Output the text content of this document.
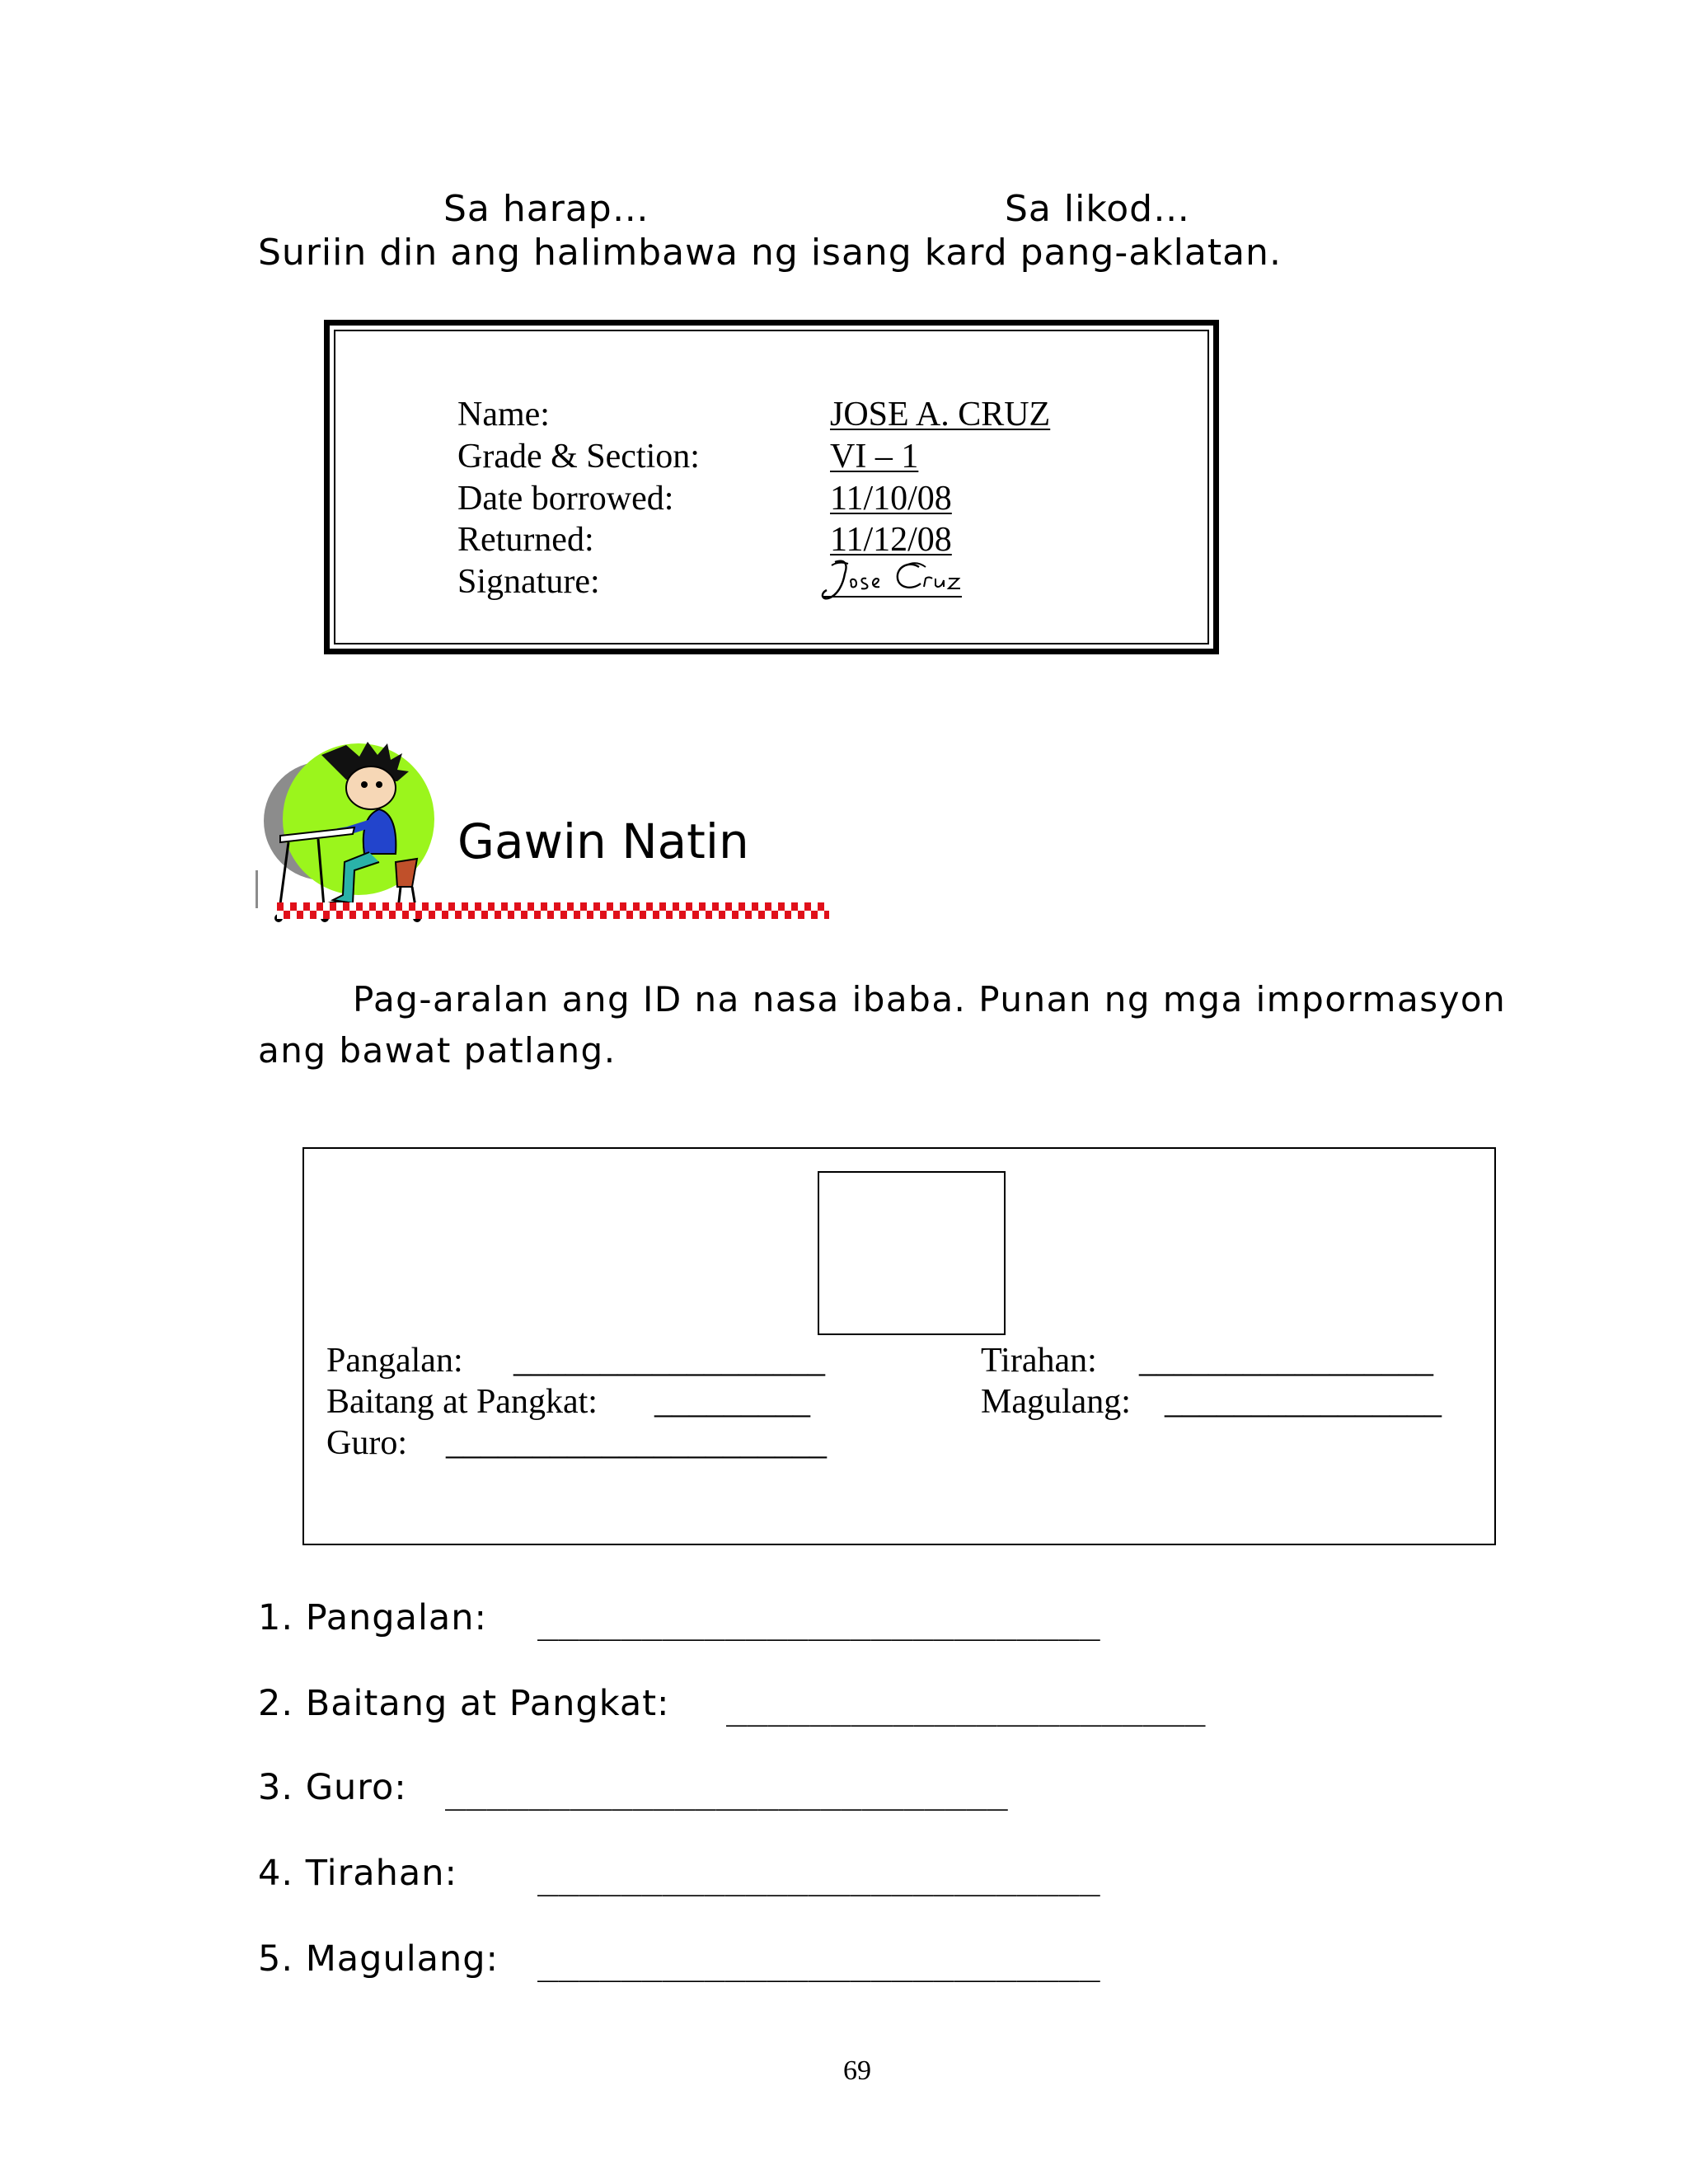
Sa harap…	Sa likod…
Suriin din ang halimbawa ng isang kard pang-aklatan.
Name:	JOSE A. CRUZ
Grade & Section:	VI – 1
Date borrowed:	11/10/08
Returned:	11/12/08
Signature:
Gawin Natin
Pag-aralan ang ID na nasa ibaba. Punan ng mga impormasyon
ang bawat patlang.
Pangalan: __________________
Baitang at Pangkat: _________
Guro: ______________________
Tirahan: _________________
Magulang: ________________
1. Pangalan: ___________________________
2. Baitang at Pangkat: _______________________
3. Guro: ___________________________
4. Tirahan: ___________________________
5. Magulang: ___________________________
69
